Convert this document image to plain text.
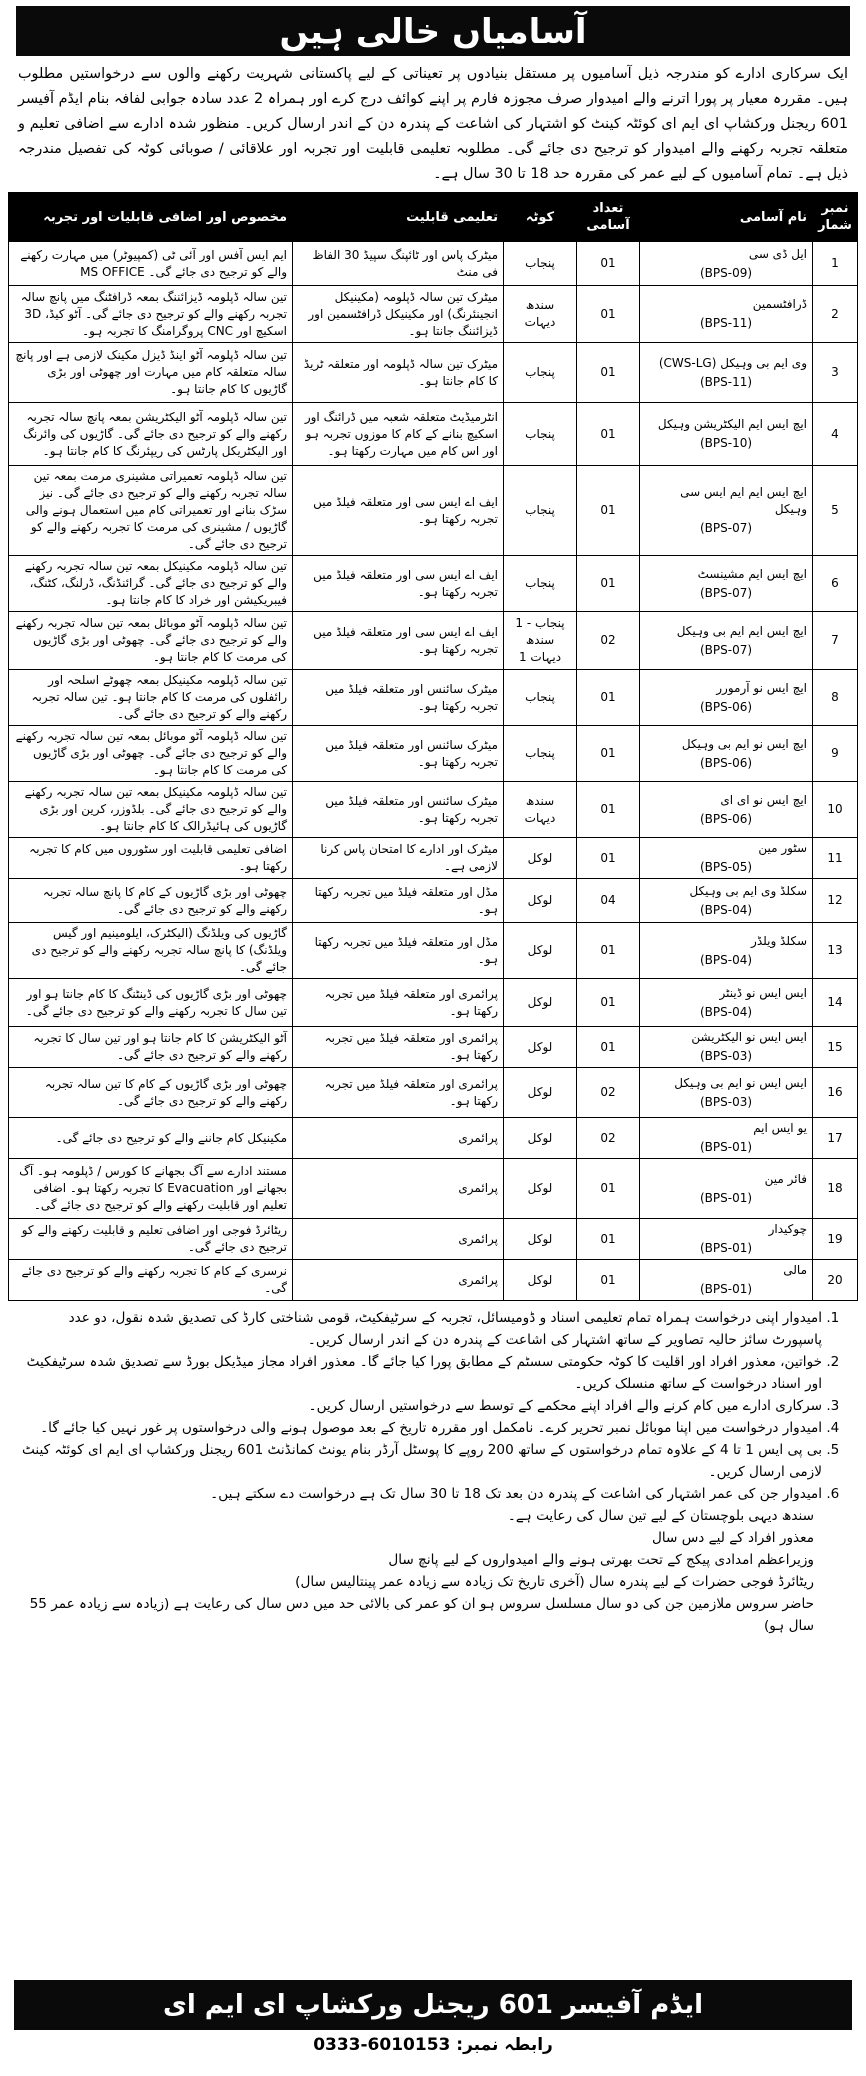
آسامیاں خالی ہیں
ایک سرکاری ادارے کو مندرجہ ذیل آسامیوں پر مستقل بنیادوں پر تعیناتی کے لیے پاکستانی شہریت رکھنے والوں سے درخواستیں مطلوب ہیں۔ مقررہ معیار پر پورا اترنے والے امیدوار صرف مجوزہ فارم پر اپنے کوائف درج کرے اور ہمراہ 2 عدد سادہ جوابی لفافہ بنام ایڈم آفیسر 601 ریجنل ورکشاپ ای ایم ای کوئٹہ کینٹ کو اشتہار کی اشاعت کے پندرہ دن کے اندر ارسال کریں۔ منظور شدہ ادارے سے اضافی تعلیم و متعلقہ تجربہ رکھنے والے امیدوار کو ترجیح دی جائے گی۔ مطلوبہ تعلیمی قابلیت اور تجربہ اور علاقائی / صوبائی کوٹہ کی تفصیل مندرجہ ذیل ہے۔ تمام آسامیوں کے لیے عمر کی مقررہ حد 18 تا 30 سال ہے۔
نمبر شمار	نام آسامی	تعداد آسامی	کوٹہ	تعلیمی قابلیت	مخصوص اور اضافی قابلیات اور تجربہ
1	ایل ڈی سی
(BPS-09)	01	پنجاب	میٹرک پاس اور ٹائپنگ سپیڈ 30 الفاظ فی منٹ	ایم ایس آفس اور آئی ٹی (کمپیوٹر) میں مہارت رکھنے والے کو ترجیح دی جائے گی۔ MS OFFICE
2	ڈرافٹسمین
(BPS-11)	01	سندھ دیہات	میٹرک تین سالہ ڈپلومہ (مکینیکل انجینئرنگ) اور مکینیکل ڈرافٹسمین اور ڈیزائننگ جانتا ہو۔	تین سالہ ڈپلومہ ڈیزائننگ بمعہ ڈرافٹنگ میں پانچ سالہ تجربہ رکھنے والے کو ترجیح دی جائے گی۔ آٹو کیڈ، 3D اسکیچ اور CNC پروگرامنگ کا تجربہ ہو۔
3	وی ایم بی وہیکل (CWS-LG)
(BPS-11)	01	پنجاب	میٹرک تین سالہ ڈپلومہ اور متعلقہ ٹریڈ کا کام جانتا ہو۔	تین سالہ ڈپلومہ آٹو اینڈ ڈیزل مکینک لازمی ہے اور پانچ سالہ متعلقہ کام میں مہارت اور چھوٹی اور بڑی گاڑیوں کا کام جانتا ہو۔
4	ایچ ایس ایم الیکٹریشن وہیکل
(BPS-10)	01	پنجاب	انٹرمیڈیٹ متعلقہ شعبہ میں ڈرائنگ اور اسکیچ بنانے کے کام کا موزوں تجربہ ہو اور اس کام میں مہارت رکھتا ہو۔	تین سالہ ڈپلومہ آٹو الیکٹریشن بمعہ پانچ سالہ تجربہ رکھنے والے کو ترجیح دی جائے گی۔ گاڑیوں کی وائرنگ اور الیکٹریکل پارٹس کی ریپئرنگ کا کام جانتا ہو۔
5	ایچ ایس ایم ایم ایس سی وہیکل
(BPS-07)	01	پنجاب	ایف اے ایس سی اور متعلقہ فیلڈ میں تجربہ رکھتا ہو۔	تین سالہ ڈپلومہ تعمیراتی مشینری مرمت بمعہ تین سالہ تجربہ رکھنے والے کو ترجیح دی جائے گی۔ نیز سڑک بنانے اور تعمیراتی کام میں استعمال ہونے والی گاڑیوں / مشینری کی مرمت کا تجربہ رکھنے والے کو ترجیح دی جائے گی۔
6	ایچ ایس ایم مشینسٹ
(BPS-07)	01	پنجاب	ایف اے ایس سی اور متعلقہ فیلڈ میں تجربہ رکھتا ہو۔	تین سالہ ڈپلومہ مکینیکل بمعہ تین سالہ تجربہ رکھنے والے کو ترجیح دی جائے گی۔ گرائنڈنگ، ڈرلنگ، کٹنگ، فیبریکیشن اور خراد کا کام جانتا ہو۔
7	ایچ ایس ایم ایم بی وہیکل
(BPS-07)	02	پنجاب - 1 سندھ دیہات 1	ایف اے ایس سی اور متعلقہ فیلڈ میں تجربہ رکھتا ہو۔	تین سالہ ڈپلومہ آٹو موبائل بمعہ تین سالہ تجربہ رکھنے والے کو ترجیح دی جائے گی۔ چھوٹی اور بڑی گاڑیوں کی مرمت کا کام جانتا ہو۔
8	ایچ ایس نو آرمورر
(BPS-06)	01	پنجاب	میٹرک سائنس اور متعلقہ فیلڈ میں تجربہ رکھتا ہو۔	تین سالہ ڈپلومہ مکینیکل بمعہ چھوٹے اسلحہ اور رائفلوں کی مرمت کا کام جانتا ہو۔ تین سالہ تجربہ رکھنے والے کو ترجیح دی جائے گی۔
9	ایچ ایس نو ایم بی وہیکل
(BPS-06)	01	پنجاب	میٹرک سائنس اور متعلقہ فیلڈ میں تجربہ رکھتا ہو۔	تین سالہ ڈپلومہ آٹو موبائل بمعہ تین سالہ تجربہ رکھنے والے کو ترجیح دی جائے گی۔ چھوٹی اور بڑی گاڑیوں کی مرمت کا کام جانتا ہو۔
10	ایچ ایس نو ای ای
(BPS-06)	01	سندھ دیہات	میٹرک سائنس اور متعلقہ فیلڈ میں تجربہ رکھتا ہو۔	تین سالہ ڈپلومہ مکینیکل بمعہ تین سالہ تجربہ رکھنے والے کو ترجیح دی جائے گی۔ بلڈوزر، کرین اور بڑی گاڑیوں کی ہائیڈرالک کا کام جانتا ہو۔
11	سٹور مین
(BPS-05)	01	لوکل	میٹرک اور ادارے کا امتحان پاس کرنا لازمی ہے۔	اضافی تعلیمی قابلیت اور سٹوروں میں کام کا تجربہ رکھتا ہو۔
12	سکلڈ وی ایم بی وہیکل
(BPS-04)	04	لوکل	مڈل اور متعلقہ فیلڈ میں تجربہ رکھتا ہو۔	چھوٹی اور بڑی گاڑیوں کے کام کا پانچ سالہ تجربہ رکھنے والے کو ترجیح دی جائے گی۔
13	سکلڈ ویلڈر
(BPS-04)	01	لوکل	مڈل اور متعلقہ فیلڈ میں تجربہ رکھتا ہو۔	گاڑیوں کی ویلڈنگ (الیکٹرک، ایلومینیم اور گیس ویلڈنگ) کا پانچ سالہ تجربہ رکھنے والے کو ترجیح دی جائے گی۔
14	ایس ایس نو ڈینٹر
(BPS-04)	01	لوکل	پرائمری اور متعلقہ فیلڈ میں تجربہ رکھتا ہو۔	چھوٹی اور بڑی گاڑیوں کی ڈینٹنگ کا کام جانتا ہو اور تین سال کا تجربہ رکھنے والے کو ترجیح دی جائے گی۔
15	ایس ایس نو الیکٹریشن
(BPS-03)	01	لوکل	پرائمری اور متعلقہ فیلڈ میں تجربہ رکھتا ہو۔	آٹو الیکٹریشن کا کام جانتا ہو اور تین سال کا تجربہ رکھنے والے کو ترجیح دی جائے گی۔
16	ایس ایس نو ایم بی وہیکل
(BPS-03)	02	لوکل	پرائمری اور متعلقہ فیلڈ میں تجربہ رکھتا ہو۔	چھوٹی اور بڑی گاڑیوں کے کام کا تین سالہ تجربہ رکھنے والے کو ترجیح دی جائے گی۔
17	یو ایس ایم
(BPS-01)	02	لوکل	پرائمری	مکینیکل کام جاننے والے کو ترجیح دی جائے گی۔
18	فائر مین
(BPS-01)	01	لوکل	پرائمری	مستند ادارے سے آگ بجھانے کا کورس / ڈپلومہ ہو۔ آگ بجھانے اور Evacuation کا تجربہ رکھتا ہو۔ اضافی تعلیم اور قابلیت رکھنے والے کو ترجیح دی جائے گی۔
19	چوکیدار
(BPS-01)	01	لوکل	پرائمری	ریٹائرڈ فوجی اور اضافی تعلیم و قابلیت رکھنے والے کو ترجیح دی جائے گی۔
20	مالی
(BPS-01)	01	لوکل	پرائمری	نرسری کے کام کا تجربہ رکھنے والے کو ترجیح دی جائے گی۔
1. امیدوار اپنی درخواست ہمراہ تمام تعلیمی اسناد و ڈومیسائل، تجربہ کے سرٹیفکیٹ، قومی شناختی کارڈ کی تصدیق شدہ نقول، دو عدد پاسپورٹ سائز حالیہ تصاویر کے ساتھ اشتہار کی اشاعت کے پندرہ دن کے اندر ارسال کریں۔
2. خواتین، معذور افراد اور اقلیت کا کوٹہ حکومتی سسٹم کے مطابق پورا کیا جائے گا۔ معذور افراد مجاز میڈیکل بورڈ سے تصدیق شدہ سرٹیفکیٹ اور اسناد درخواست کے ساتھ منسلک کریں۔
3. سرکاری ادارے میں کام کرنے والے افراد اپنے محکمے کے توسط سے درخواستیں ارسال کریں۔
4. امیدوار درخواست میں اپنا موبائل نمبر تحریر کرے۔ نامکمل اور مقررہ تاریخ کے بعد موصول ہونے والی درخواستوں پر غور نہیں کیا جائے گا۔
5. بی پی ایس 1 تا 4 کے علاوہ تمام درخواستوں کے ساتھ 200 روپے کا پوسٹل آرڈر بنام یونٹ کمانڈنٹ 601 ریجنل ورکشاپ ای ایم ای کوئٹہ کینٹ لازمی ارسال کریں۔
6. امیدوار جن کی عمر اشتہار کی اشاعت کے پندرہ دن بعد تک 18 تا 30 سال تک ہے درخواست دے سکتے ہیں۔
سندھ دیہی بلوچستان کے لیے تین سال کی رعایت ہے۔
معذور افراد کے لیے دس سال
وزیراعظم امدادی پیکج کے تحت بھرتی ہونے والے امیدواروں کے لیے پانچ سال
ریٹائرڈ فوجی حضرات کے لیے پندرہ سال (آخری تاریخ تک زیادہ سے زیادہ عمر پینتالیس سال)
حاضر سروس ملازمین جن کی دو سال مسلسل سروس ہو ان کو عمر کی بالائی حد میں دس سال کی رعایت ہے (زیادہ سے زیادہ عمر 55 سال ہو)
ایڈم آفیسر 601 ریجنل ورکشاپ ای ایم ای
رابطہ نمبر: 0333-6010153
